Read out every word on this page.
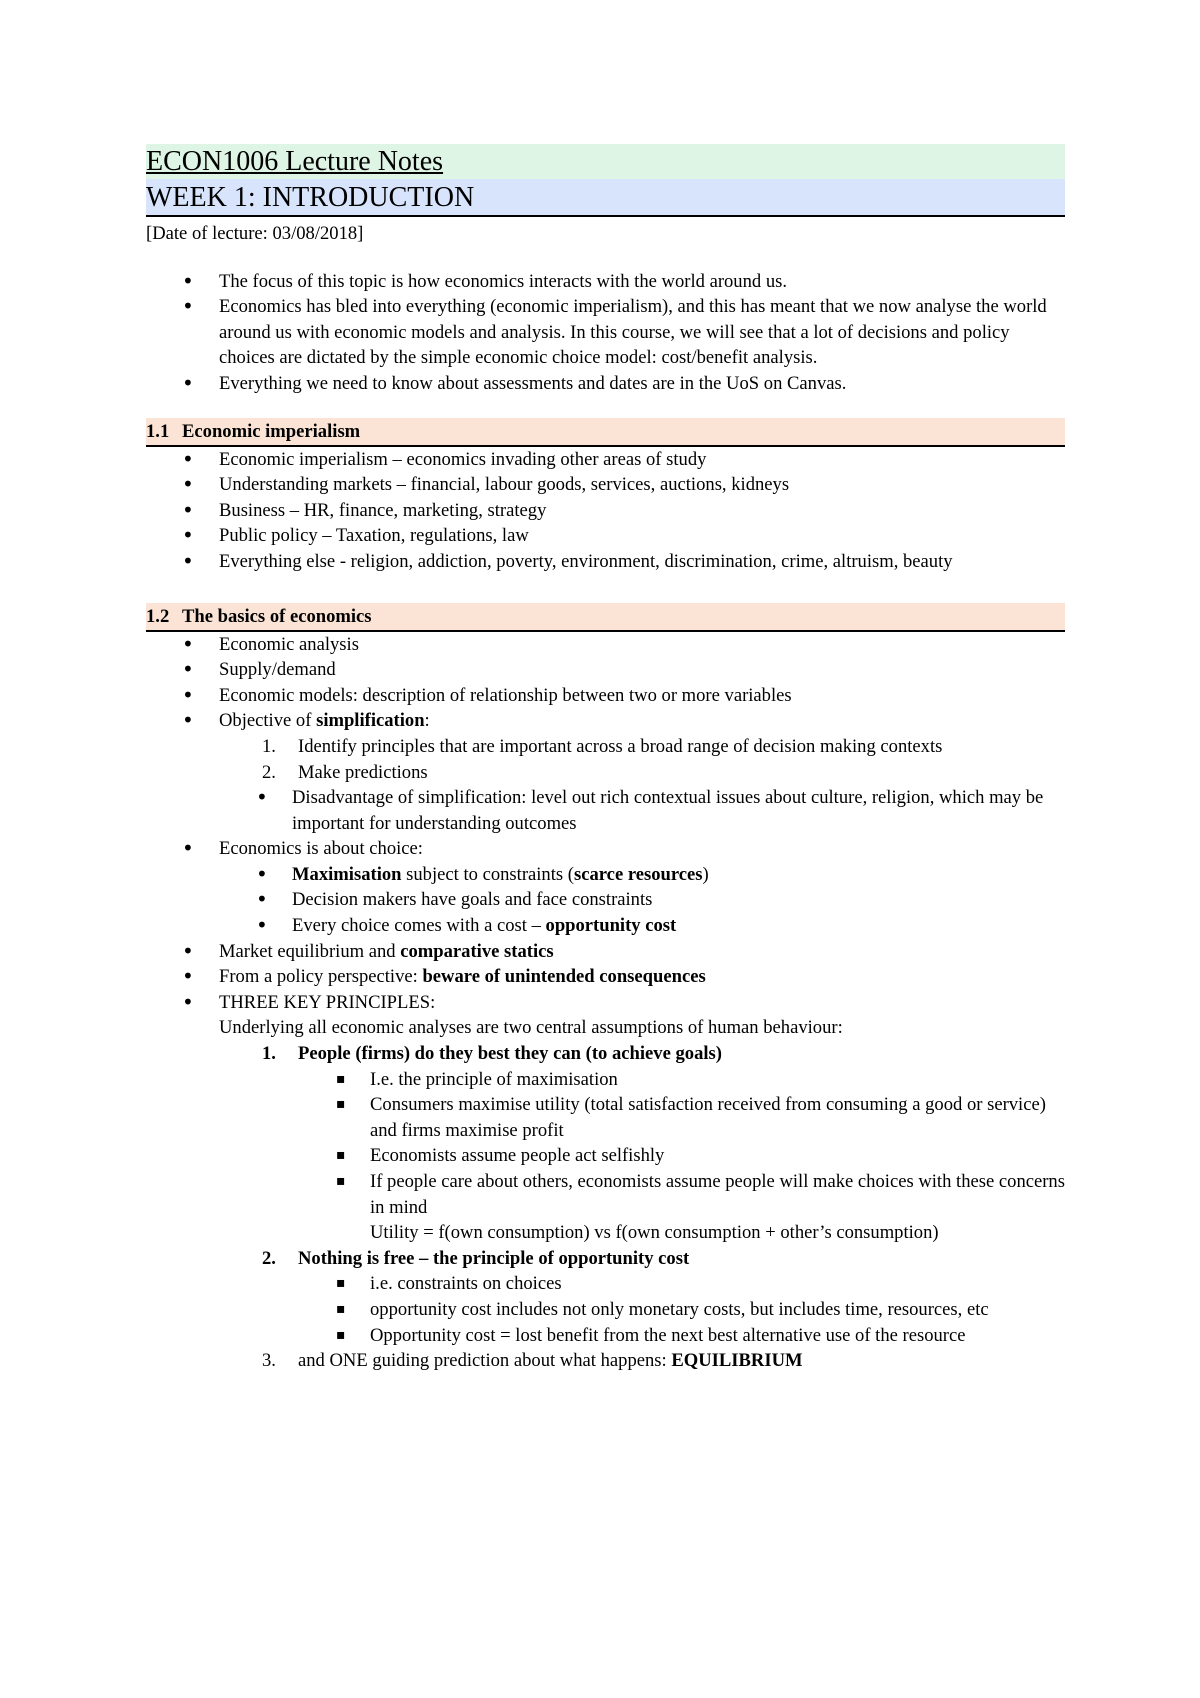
ECON1006 Lecture Notes
WEEK 1: INTRODUCTION
[Date of lecture: 03/08/2018]
• The focus of this topic is how economics interacts with the world around us.
• Economics has bled into everything (economic imperialism), and this has meant that we now analyse the world around us with economic models and analysis. In this course, we will see that a lot of decisions and policy choices are dictated by the simple economic choice model: cost/benefit analysis.
• Everything we need to know about assessments and dates are in the UoS on Canvas.
1.1 Economic imperialism
• Economic imperialism – economics invading other areas of study
• Understanding markets – financial, labour goods, services, auctions, kidneys
• Business – HR, finance, marketing, strategy
• Public policy – Taxation, regulations, law
• Everything else - religion, addiction, poverty, environment, discrimination, crime, altruism, beauty
1.2 The basics of economics
• Economic analysis
• Supply/demand
• Economic models: description of relationship between two or more variables
• Objective of simplification:
1. Identify principles that are important across a broad range of decision making contexts
2. Make predictions
• Disadvantage of simplification: level out rich contextual issues about culture, religion, which may be important for understanding outcomes
• Economics is about choice:
• Maximisation subject to constraints (scarce resources)
• Decision makers have goals and face constraints
• Every choice comes with a cost – opportunity cost
• Market equilibrium and comparative statics
• From a policy perspective: beware of unintended consequences
• THREE KEY PRINCIPLES:
Underlying all economic analyses are two central assumptions of human behaviour:
1. People (firms) do they best they can (to achieve goals)
▪ I.e. the principle of maximisation
▪ Consumers maximise utility (total satisfaction received from consuming a good or service) and firms maximise profit
▪ Economists assume people act selfishly
▪ If people care about others, economists assume people will make choices with these concerns in mind
Utility = f(own consumption) vs f(own consumption + other’s consumption)
2. Nothing is free – the principle of opportunity cost
▪ i.e. constraints on choices
▪ opportunity cost includes not only monetary costs, but includes time, resources, etc
▪ Opportunity cost = lost benefit from the next best alternative use of the resource
3. and ONE guiding prediction about what happens: EQUILIBRIUM
